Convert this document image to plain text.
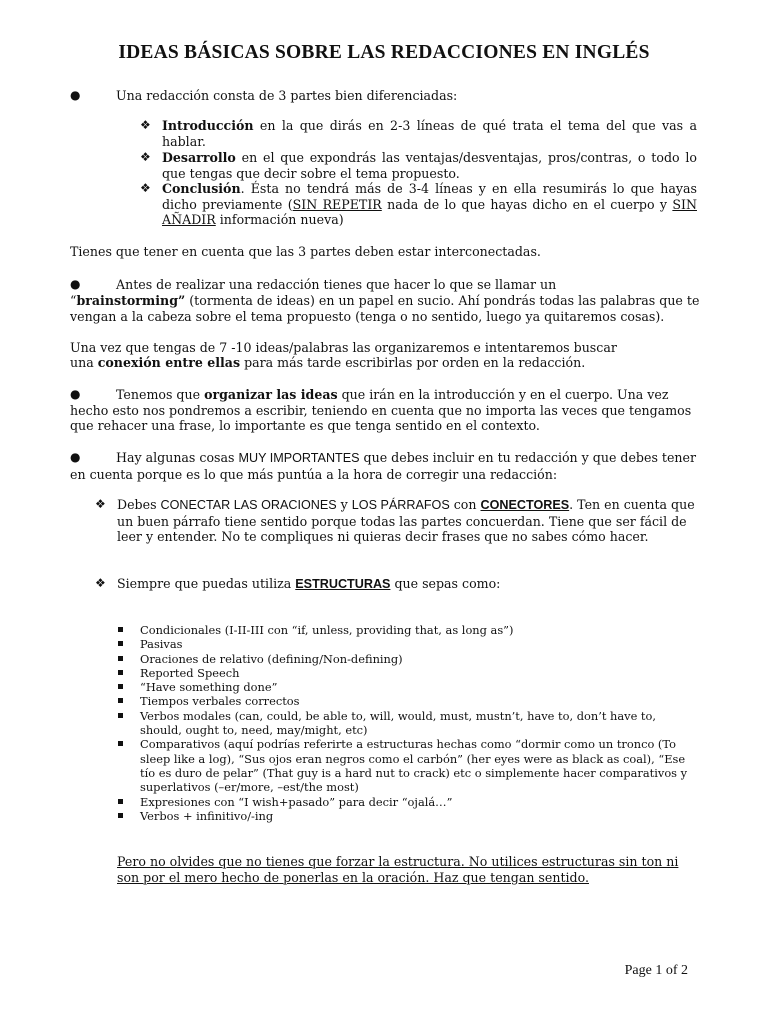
IDEAS BÁSICAS SOBRE LAS REDACCIONES EN INGLÉS
●	Una redacción consta de 3 partes bien diferenciadas:
❖ Introducción en la que dirás en 2-3 líneas de qué trata el tema del que vas a hablar.
❖ Desarrollo en el que expondrás las ventajas/desventajas, pros/contras, o todo lo que tengas que decir sobre el tema propuesto.
❖ Conclusión. Ésta no tendrá más de 3-4 líneas y en ella resumirás lo que hayas dicho previamente (SIN REPETIR nada de lo que hayas dicho en el cuerpo y SIN AÑADIR información nueva)
Tienes que tener en cuenta que las 3 partes deben estar interconectadas.
●	Antes de realizar una redacción tienes que hacer lo que se llamar un
“brainstorming” (tormenta de ideas) en un papel en sucio. Ahí pondrás todas las palabras que te vengan a la cabeza sobre el tema propuesto (tenga o no sentido, luego ya quitaremos cosas).
Una vez que tengas de 7 -10 ideas/palabras las organizaremos e intentaremos buscar
una conexión entre ellas para más tarde escribirlas por orden en la redacción.
●	Tenemos que organizar las ideas que irán en la introducción y en el cuerpo. Una vez hecho esto nos pondremos a escribir, teniendo en cuenta que no importa las veces que tengamos que rehacer una frase, lo importante es que tenga sentido en el contexto.
●	Hay algunas cosas MUY IMPORTANTES que debes incluir en tu redacción y que debes tener en cuenta porque es lo que más puntúa a la hora de corregir una redacción:
❖ Debes CONECTAR LAS ORACIONES y LOS PÁRRAFOS con CONECTORES. Ten en cuenta que un buen párrafo tiene sentido porque todas las partes concuerdan. Tiene que ser fácil de leer y entender. No te compliques ni quieras decir frases que no sabes cómo hacer.
❖ Siempre que puedas utiliza ESTRUCTURAS que sepas como:
Condicionales (I-II-III con “if, unless, providing that, as long as”)
Pasivas
Oraciones de relativo (defining/Non-defining)
Reported Speech
“Have something done”
Tiempos verbales correctos
Verbos modales (can, could, be able to, will, would, must, mustn’t, have to, don’t have to, should, ought to, need, may/might, etc)
Comparativos (aquí podrías referirte a estructuras hechas como “dormir como un tronco (To sleep like a log), “Sus ojos eran negros como el carbón” (her eyes were as black as coal), “Ese tío es duro de pelar” (That guy is a hard nut to crack) etc o simplemente hacer comparativos y superlativos (–er/more, –est/the most)
Expresiones con “I wish+pasado” para decir “ojalá…”
Verbos + infinitivo/-ing
Pero no olvides que no tienes que forzar la estructura. No utilices estructuras sin ton ni son por el mero hecho de ponerlas en la oración. Haz que tengan sentido.
Page 1 of 2
